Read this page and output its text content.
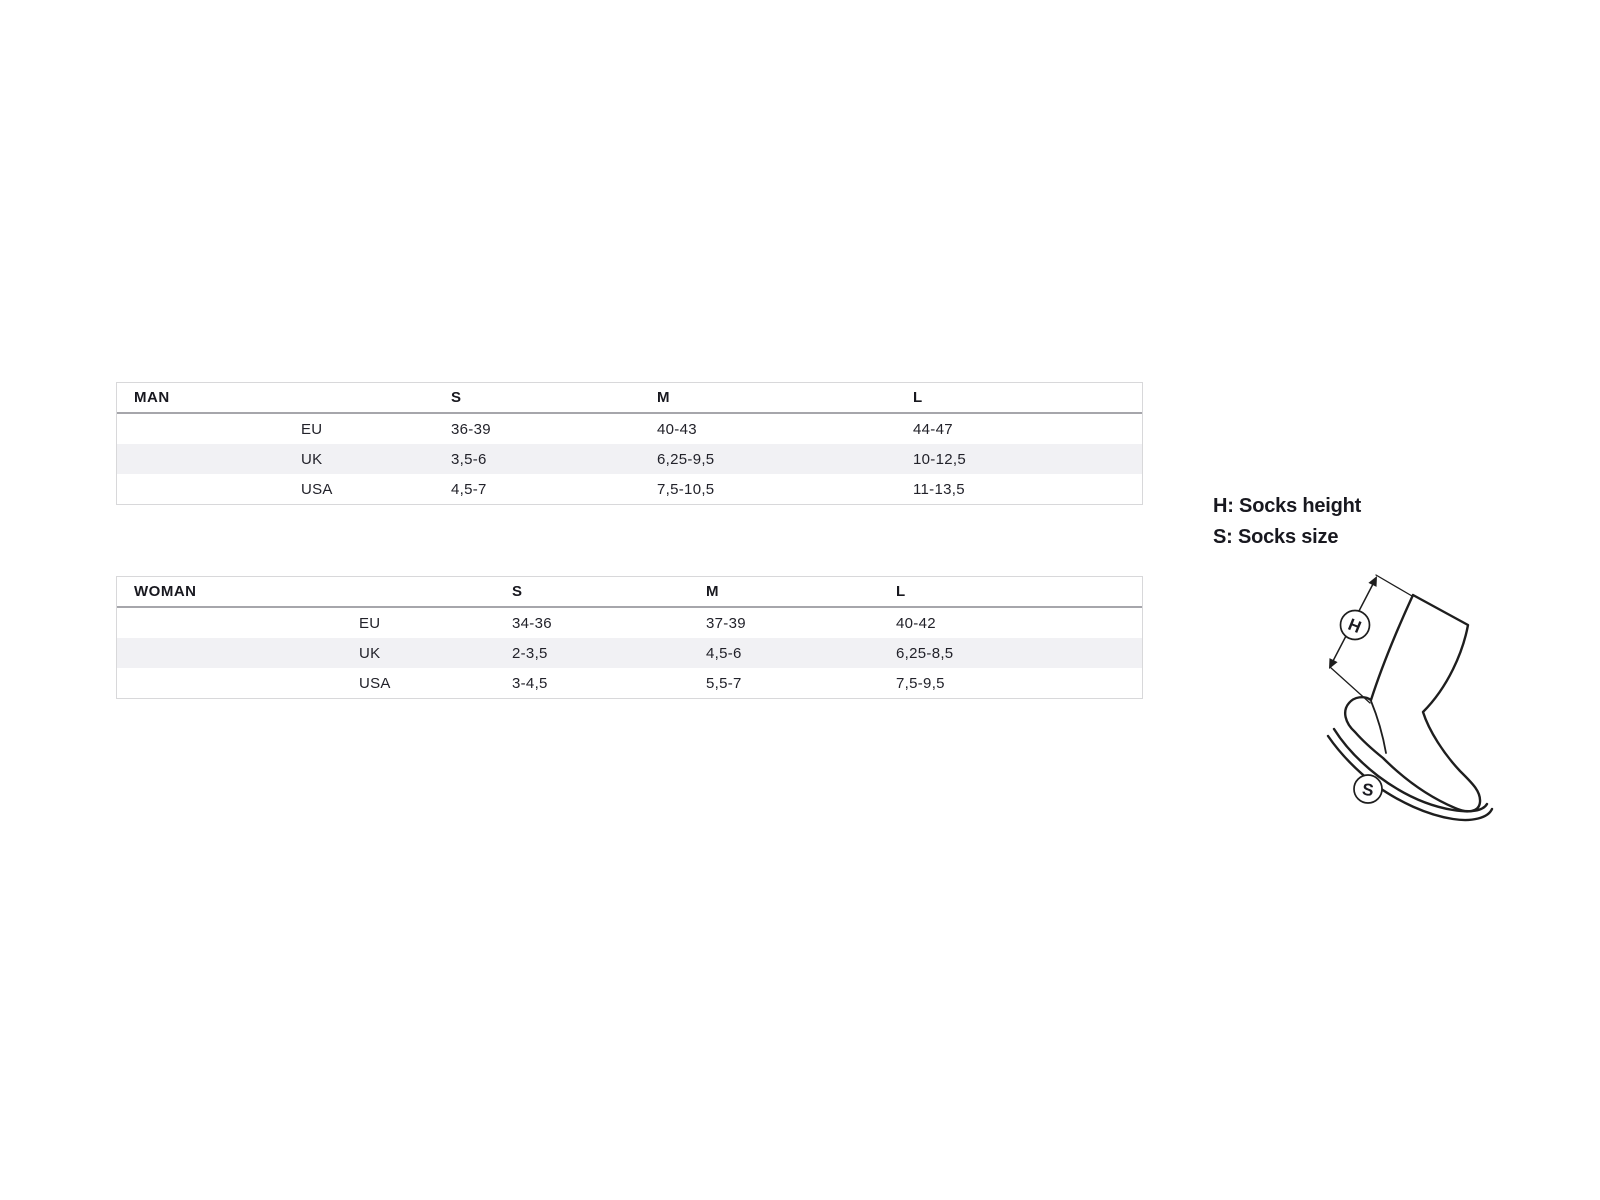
MAN	S	M	L
EU	36-39	40-43	44-47
UK	3,5-6	6,25-9,5	10-12,5
USA	4,5-7	7,5-10,5	11-13,5
WOMAN	S	M	L
EU	34-36	37-39	40-42
UK	2-3,5	4,5-6	6,25-8,5
USA	3-4,5	5,5-7	7,5-9,5
H
S
H: Socks height
S: Socks size
